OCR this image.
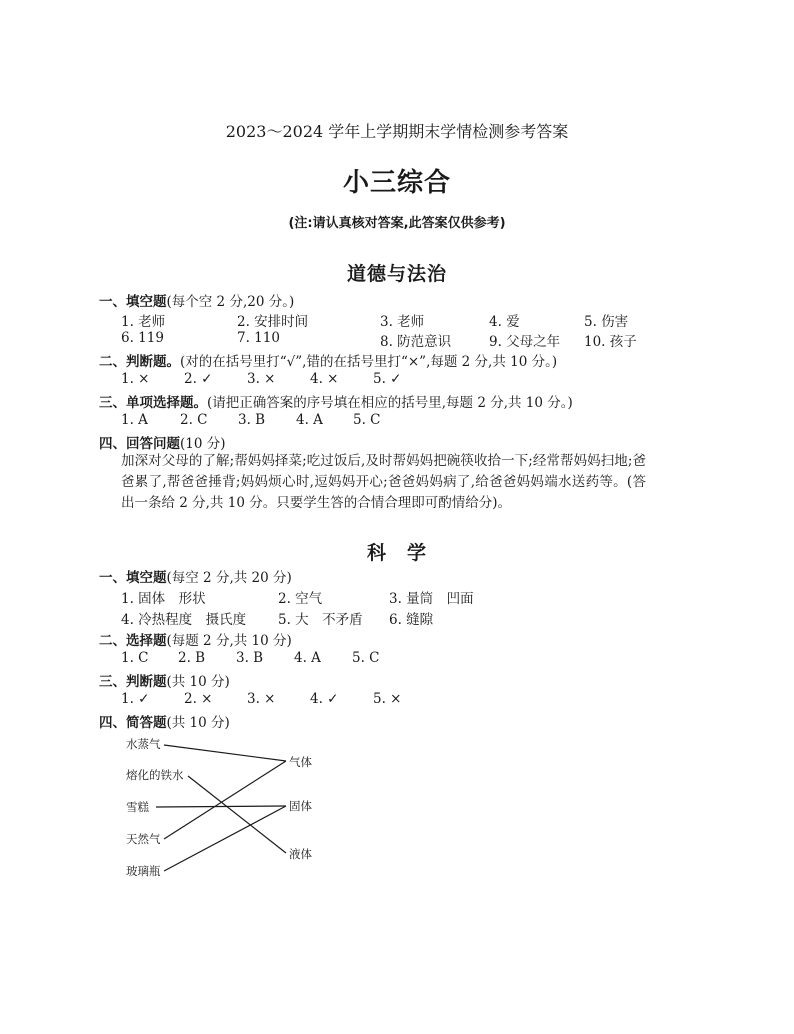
2023～2024 学年上学期期末学情检测参考答案
小三综合
(注:请认真核对答案,此答案仅供参考)
道德与法治
一、填空题(每个空 2 分,20 分。)
1. 老师	2. 安排时间	3. 老师	4. 爱	5. 伤害
6. 119	7. 110	8. 防范意识	9. 父母之年 10. 孩子
二、判断题。(对的在括号里打“√”,错的在括号里打“×”,每题 2 分,共 10 分。)
1. ×	2. ✓	3. ×	4. ×	5. ✓
三、单项选择题。(请把正确答案的序号填在相应的括号里,每题 2 分,共 10 分。)
1. A 2. C 3. B 4. A 5. C
四、回答问题(10 分)
加深对父母的了解;帮妈妈择菜;吃过饭后,及时帮妈妈把碗筷收拾一下;经常帮妈妈扫地;爸爸累了,帮爸爸捶背;妈妈烦心时,逗妈妈开心;爸爸妈妈病了,给爸爸妈妈端水送药等。(答出一条给 2 分,共 10 分。只要学生答的合情合理即可酌情给分)。
科　学
一、填空题(每空 2 分,共 20 分)
1. 固体　形状	2. 空气	3. 量筒　凹面
4. 冷热程度　摄氏度 5. 大　不矛盾 6. 缝隙
二、选择题(每题 2 分,共 10 分)
1. C 2. B 3. B 4. A 5. C
三、判断题(共 10 分)
1. ✓	2. ×	3. ×	4. ✓	5. ×
四、简答题(共 10 分)
水蒸气
熔化的铁水
雪糕
天然气
玻璃瓶
气体
固体
液体
